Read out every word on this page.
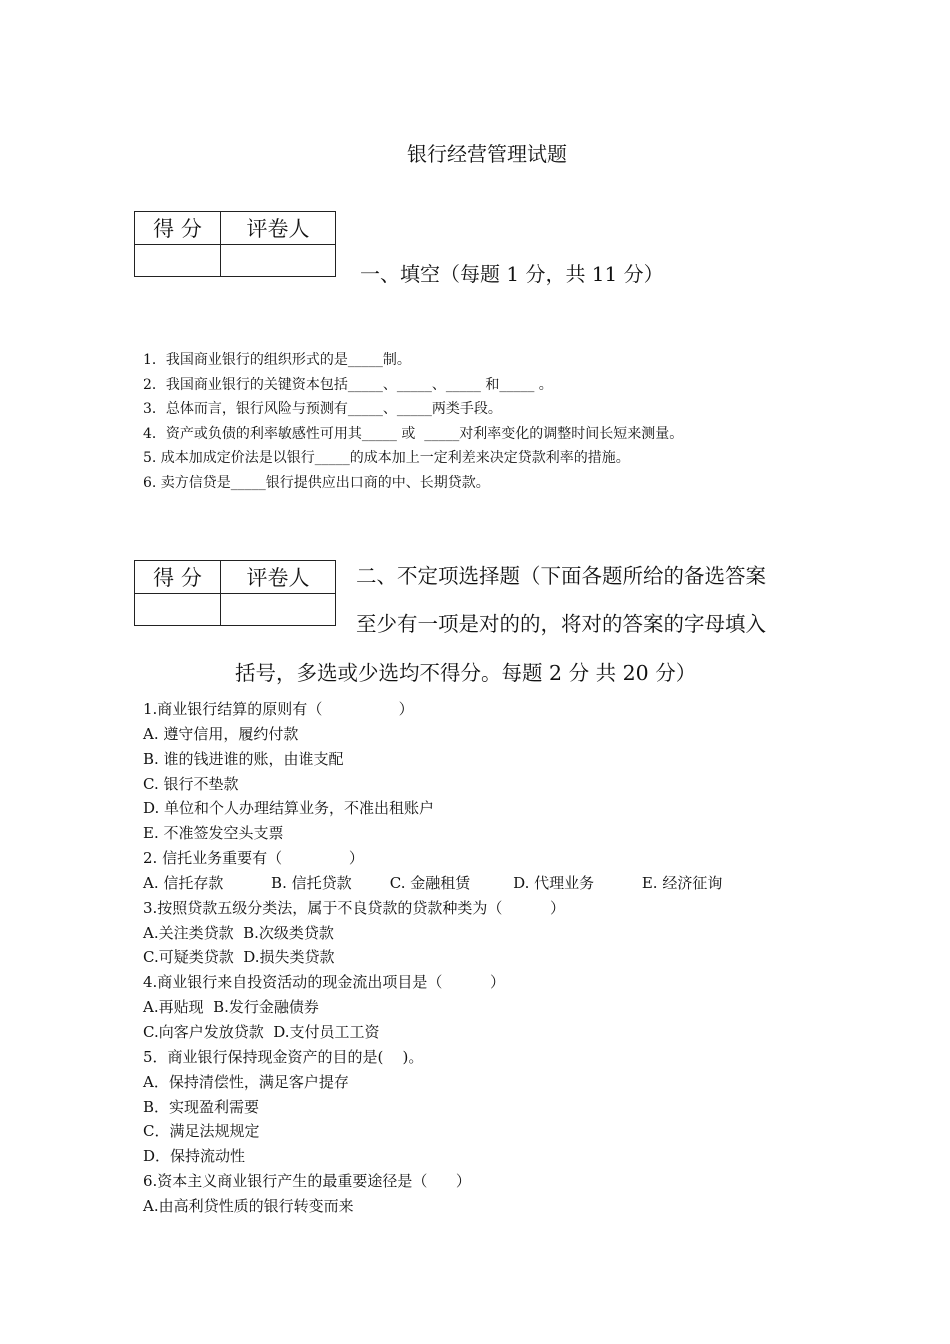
银行经营管理试题
得 分	评卷人

一、填空（每题 1 分，共 11 分）
1．我国商业银行的组织形式的是_____制。
2．我国商业银行的关键资本包括_____、_____、_____ 和_____ 。
3．总体而言，银行风险与预测有_____、_____两类手段。
4．资产或负债的利率敏感性可用其_____ 或  _____对利率变化的调整时间长短来测量。
5. 成本加成定价法是以银行_____的成本加上一定利差来决定贷款利率的措施。
6. 卖方信贷是_____银行提供应出口商的中、长期贷款。
得 分	评卷人
	二、不定项选择题（下面各题所给的备选答案
至少有一项是对的的，将对的答案的字母填入
括号，多选或少选均不得分。每题 2 分 共 20 分）
1.商业银行结算的原则有（                ）
A. 遵守信用，履约付款
B. 谁的钱进谁的账，由谁支配
C. 银行不垫款
D. 单位和个人办理结算业务，不准出租账户
E. 不准签发空头支票
2. 信托业务重要有（              ）
A. 信托存款          B. 信托贷款        C. 金融租赁         D. 代理业务          E. 经济征询
3.按照贷款五级分类法，属于不良贷款的贷款种类为（          ）
A.关注类贷款  B.次级类贷款
C.可疑类贷款  D.损失类贷款
4.商业银行来自投资活动的现金流出项目是（          ）
A.再贴现  B.发行金融债券
C.向客户发放贷款  D.支付员工工资
5．商业银行保持现金资产的目的是(    )。
A．保持清偿性，满足客户提存
B．实现盈利需要
C．满足法规规定
D．保持流动性
6.资本主义商业银行产生的最重要途径是（      ）
A.由高利贷性质的银行转变而来
